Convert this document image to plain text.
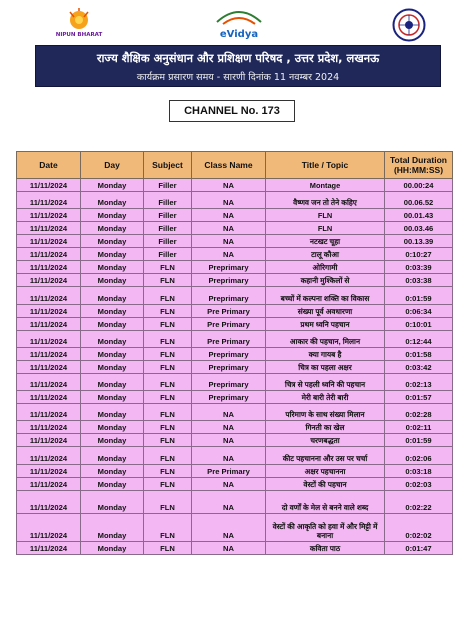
NIPUN BHARAT	eVidya
राज्य शैक्षिक अनुसंधान और प्रशिक्षण परिषद , उत्तर प्रदेश, लखनऊ
कार्यक्रम प्रसारण समय - सारणी दिनांक 11 नवम्बर 2024
CHANNEL No. 173
Date	Day	Subject	Class Name	Title / Topic	Total Duration (HH:MM:SS)
11/11/2024	Monday	Filler	NA	Montage	00.00:24
11/11/2024	Monday	Filler	NA	वैष्णव जन तो तेने कहिए	00.06.52
11/11/2024	Monday	Filler	NA	FLN	00.01.43
11/11/2024	Monday	Filler	NA	FLN	00.03.46
11/11/2024	Monday	Filler	NA	नटखट चूहा	00.13.39
11/11/2024	Monday	Filler	NA	टालू कौआ	0:10:27
11/11/2024	Monday	FLN	Preprimary	ओरिगामी	0:03:39
11/11/2024	Monday	FLN	Preprimary	कहानी मुश्किलों से	0:03:38
11/11/2024	Monday	FLN	Preprimary	बच्चों में कल्पना शक्ति का विकास	0:01:59
11/11/2024	Monday	FLN	Pre Primary	संख्या पूर्व अवधारणा	0:06:34
11/11/2024	Monday	FLN	Pre Primary	प्रथम ध्वनि पहचान	0:10:01
11/11/2024	Monday	FLN	Pre Primary	आकार की पहचान, मिलान	0:12:44
11/11/2024	Monday	FLN	Preprimary	क्या गायब है	0:01:58
11/11/2024	Monday	FLN	Preprimary	चित्र का पहला अक्षर	0:03:42
11/11/2024	Monday	FLN	Preprimary	चित्र से पहली ध्वनि की पहचान	0:02:13
11/11/2024	Monday	FLN	Preprimary	मेरी बारी तेरी बारी	0:01:57
11/11/2024	Monday	FLN	NA	परिमाण के साथ संख्या मिलान	0:02:28
11/11/2024	Monday	FLN	NA	गिनती का खेल	0:02:11
11/11/2024	Monday	FLN	NA	चरणबद्धता	0:01:59
11/11/2024	Monday	FLN	NA	कीट पहचानना और उस पर चर्चा	0:02:06
11/11/2024	Monday	FLN	Pre Primary	अक्षर पहचानना	0:03:18
11/11/2024	Monday	FLN	NA	वेस्टों की पहचान	0:02:03
11/11/2024	Monday	FLN	NA	दो वर्णों के मेल से बनने वाले शब्द	0:02:22
11/11/2024	Monday	FLN	NA	वेस्टों की आकृति को हवा में और मिट्टी में बनाना	0:02:02
11/11/2024	Monday	FLN	NA	कविता पाठ	0:01:47
